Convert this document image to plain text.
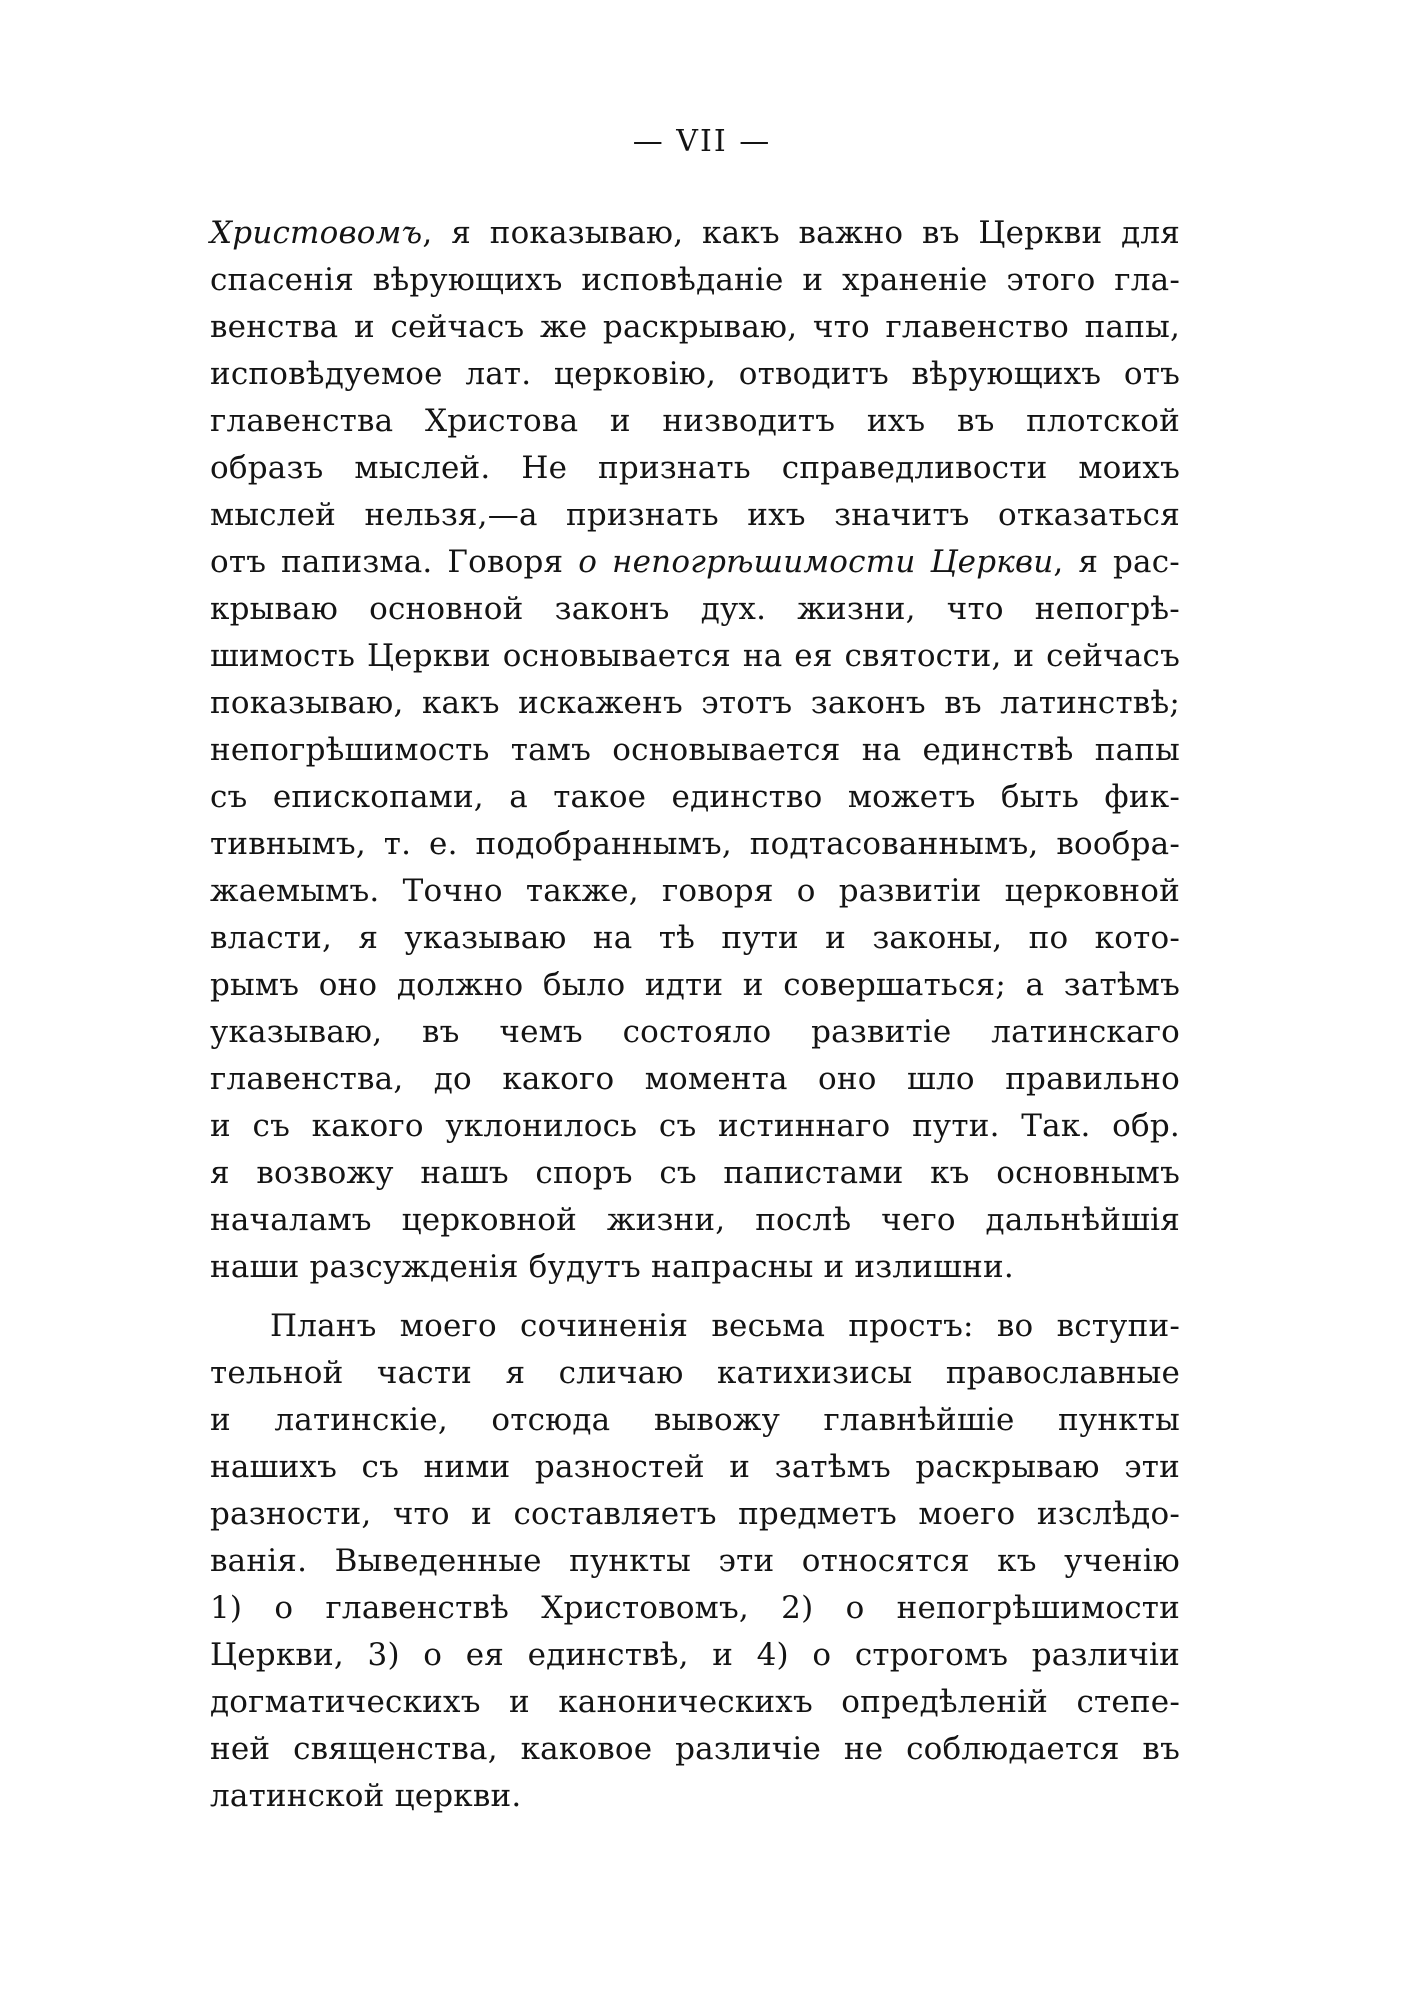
— VII —
Христовомъ, я показываю, какъ важно въ Церкви для
спасенія вѣрующихъ исповѣданіе и храненіе этого гла-
венства и сейчасъ же раскрываю, что главенство папы,
исповѣдуемое лат. церковію, отводитъ вѣрующихъ отъ
главенства Христова и низводитъ ихъ въ плотской
образъ мыслей. Не признать справедливости моихъ
мыслей нельзя,—а признать ихъ значитъ отказаться
отъ папизма. Говоря о непогрѣшимости Церкви, я рас-
крываю основной законъ дух. жизни, что непогрѣ-
шимость Церкви основывается на ея святости, и сейчасъ
показываю, какъ искаженъ этотъ законъ въ латинствѣ;
непогрѣшимость тамъ основывается на единствѣ папы
съ епископами, а такое единство можетъ быть фик-
тивнымъ, т. е. подобраннымъ, подтасованнымъ, вообра-
жаемымъ. Точно также, говоря о развитіи церковной
власти, я указываю на тѣ пути и законы, по кото-
рымъ оно должно было идти и совершаться; а затѣмъ
указываю, въ чемъ состояло развитіе латинскаго
главенства, до какого момента оно шло правильно
и съ какого уклонилось съ истиннаго пути. Так. обр.
я возвожу нашъ споръ съ папистами къ основнымъ
началамъ церковной жизни, послѣ чего дальнѣйшія
наши разсужденія будутъ напрасны и излишни.
Планъ моего сочиненія весьма простъ: во вступи-
тельной части я сличаю катихизисы православные
и латинскіе, отсюда вывожу главнѣйшіе пункты
нашихъ съ ними разностей и затѣмъ раскрываю эти
разности, что и составляетъ предметъ моего изслѣдо-
ванія. Выведенные пункты эти относятся къ ученію
1) о главенствѣ Христовомъ, 2) о непогрѣшимости
Церкви, 3) о ея единствѣ, и 4) о строгомъ различіи
догматическихъ и каноническихъ опредѣленій степе-
ней священства, каковое различіе не соблюдается въ
латинской церкви.
